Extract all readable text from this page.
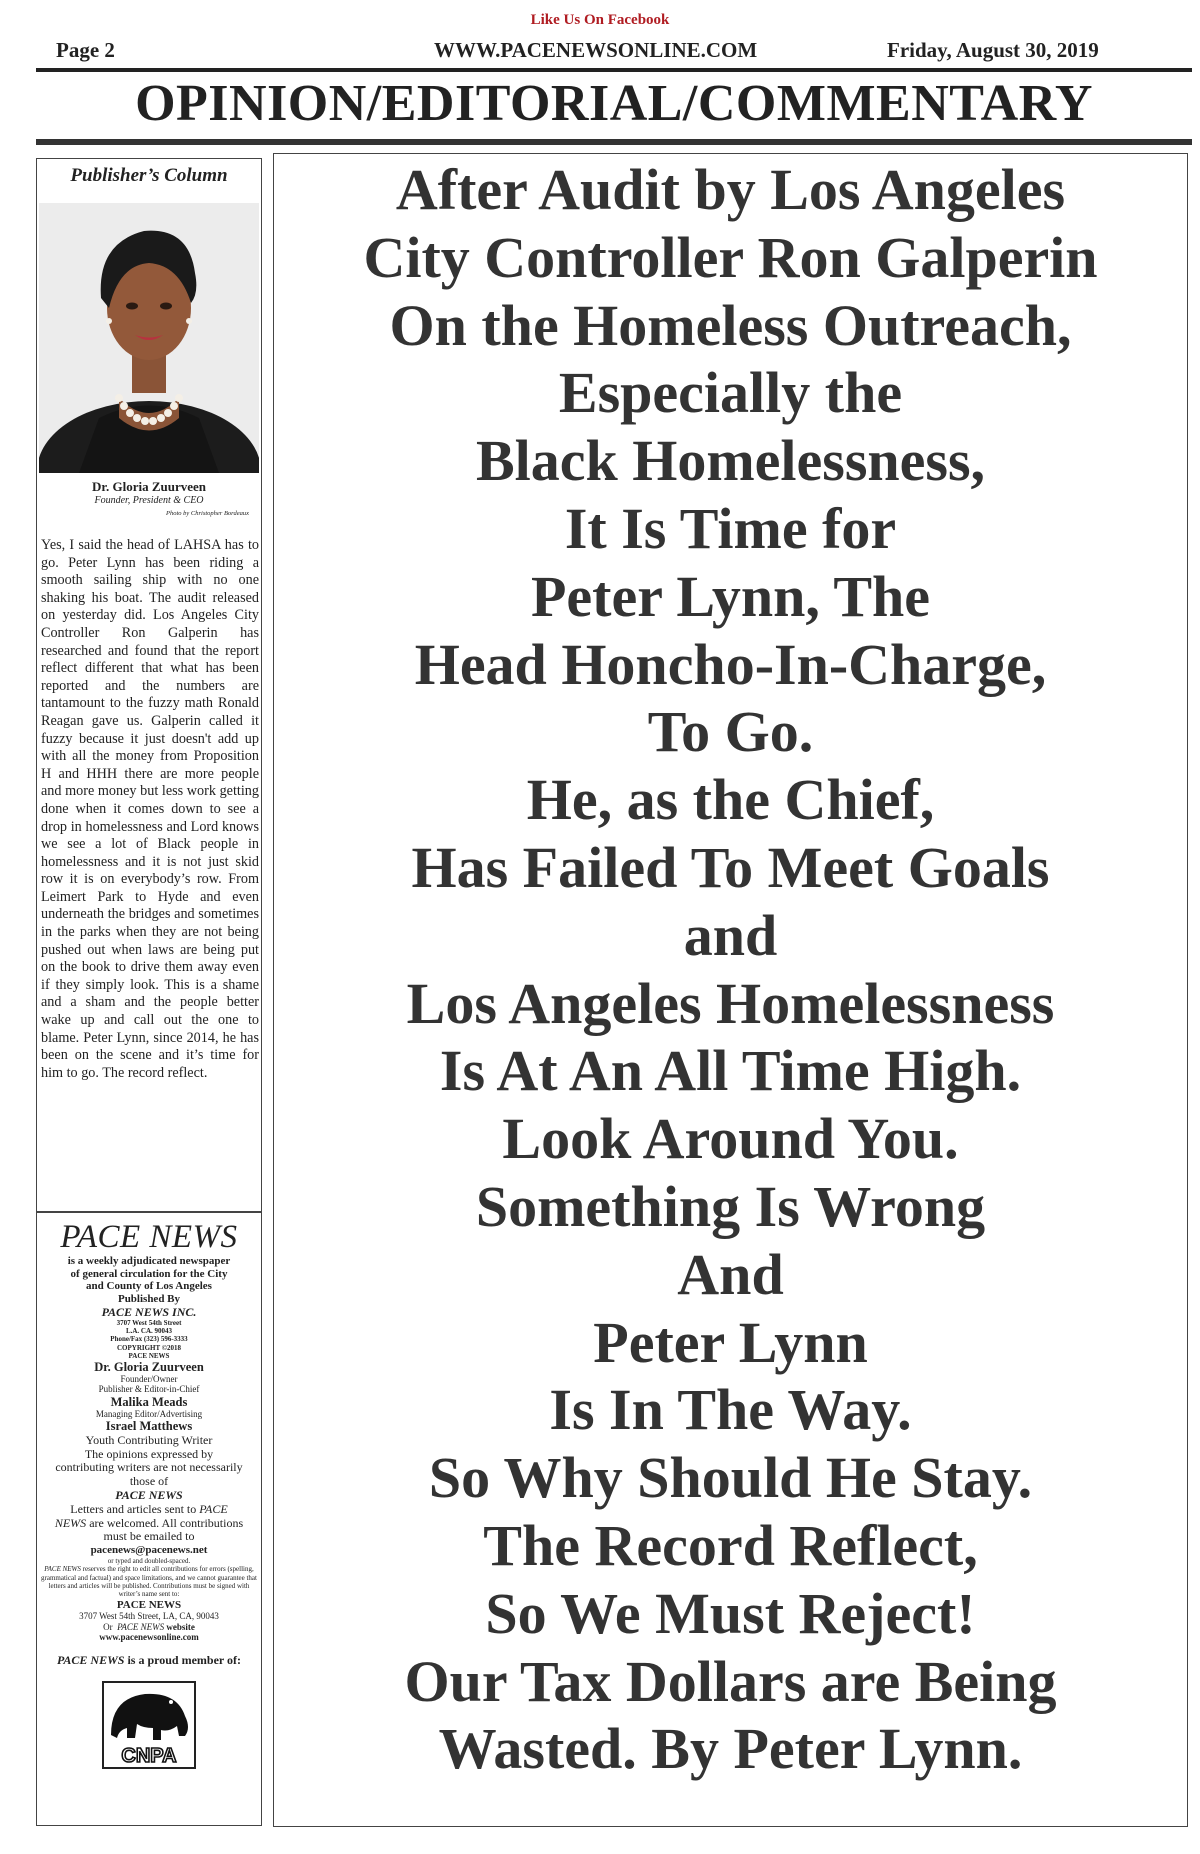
Like Us On Facebook
Page 2	WWW.PACENEWSONLINE.COM	Friday, August 30, 2019
OPINION/EDITORIAL/COMMENTARY
Publisher’s Column
Dr. Gloria Zuurveen
Founder, President & CEO
Photo by Christopher Bordeaux

Yes, I said the head of LAHSA has to go. Peter Lynn has been riding a smooth sailing ship with no one shaking his boat. The audit released on yesterday did. Los Angeles City Controller Ron Galperin has researched and found that the report reflect different that what has been reported and the numbers are tantamount to the fuzzy math Ronald Reagan gave us. Galperin called it fuzzy because it just doesn't add up with all the money from Proposition H and HHH there are more people and more money but less work getting done when it comes down to see a drop in homelessness and Lord knows we see a lot of Black people in homelessness and it is not just skid row it is on everybody’s row. From Leimert Park to Hyde and even underneath the bridges and sometimes in the parks when they are not being pushed out when laws are being put on the book to drive them away even if they simply look. This is a shame and a sham and the people better wake up and call out the one to blame. Peter Lynn, since 2014, he has been on the scene and it’s time for him to go. The record reflect.

PACE NEWS
is a weekly adjudicated newspaper
of general circulation for the City
and County of Los Angeles
Published By
PACE NEWS INC.
3707 West 54th Street
L.A. CA. 90043
Phone/Fax (323) 596-3333
COPYRIGHT ©2018
PACE NEWS
Dr. Gloria Zuurveen
Founder/Owner
Publisher & Editor-in-Chief
Malika Meads
Managing Editor/Advertising
Israel Matthews
Youth Contributing Writer
The opinions expressed by
contributing writers are not necessarily
those of
PACE NEWS
Letters and articles sent to PACE
NEWS are welcomed. All contributions
must be emailed to
pacenews@pacenews.net
or typed and doubled-spaced.
PACE NEWS reserves the right to edit all contributions for errors (spelling, grammatical and factual) and space limitations, and we cannot guarantee that letters and articles will be published. Contributions must be signed with writer’s name sent to:
PACE NEWS
3707 West 54th Street, LA, CA, 90043
Or PACE NEWS website
www.pacenewsonline.com
PACE NEWS is a proud member of:
CNPA
After Audit by Los Angeles
City Controller Ron Galperin
On the Homeless Outreach,
Especially the
Black Homelessness,
It Is Time for
Peter Lynn, The
Head Honcho-In-Charge,
To Go.
He, as the Chief,
Has Failed To Meet Goals
and
Los Angeles Homelessness
Is At An All Time High.
Look Around You.
Something Is Wrong
And
Peter Lynn
Is In The Way.
So Why Should He Stay.
The Record Reflect,
So We Must Reject!
Our Tax Dollars are Being
Wasted. By Peter Lynn.
